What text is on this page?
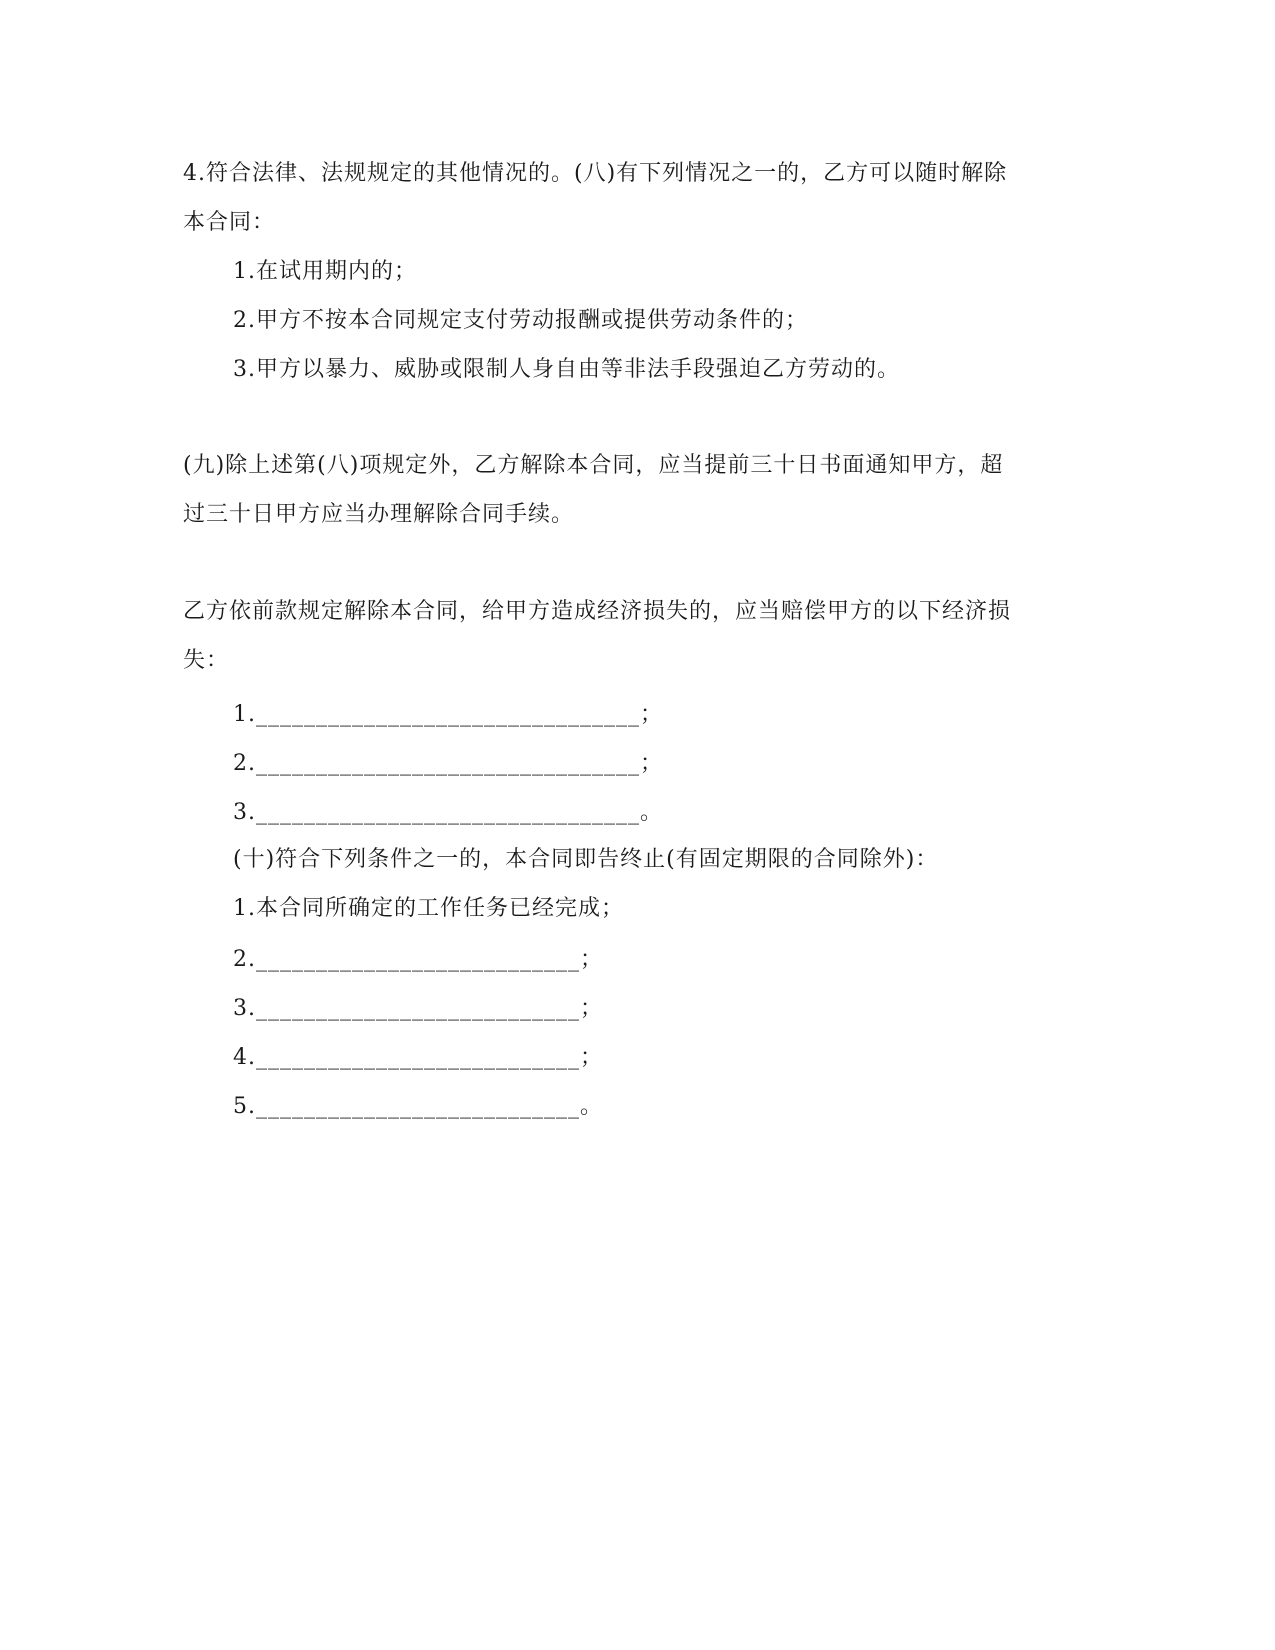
4.符合法律、法规规定的其他情况的。(八)有下列情况之一的，乙方可以随时解除
本合同：
1.在试用期内的；
2.甲方不按本合同规定支付劳动报酬或提供劳动条件的；
3.甲方以暴力、威胁或限制人身自由等非法手段强迫乙方劳动的。
(九)除上述第(八)项规定外，乙方解除本合同，应当提前三十日书面通知甲方，超
过三十日甲方应当办理解除合同手续。
乙方依前款规定解除本合同，给甲方造成经济损失的，应当赔偿甲方的以下经济损
失：
1.________________________________；
2.________________________________；
3.________________________________。
(十)符合下列条件之一的，本合同即告终止(有固定期限的合同除外)：
1.本合同所确定的工作任务已经完成；
2.___________________________；
3.___________________________；
4.___________________________；
5.___________________________。
